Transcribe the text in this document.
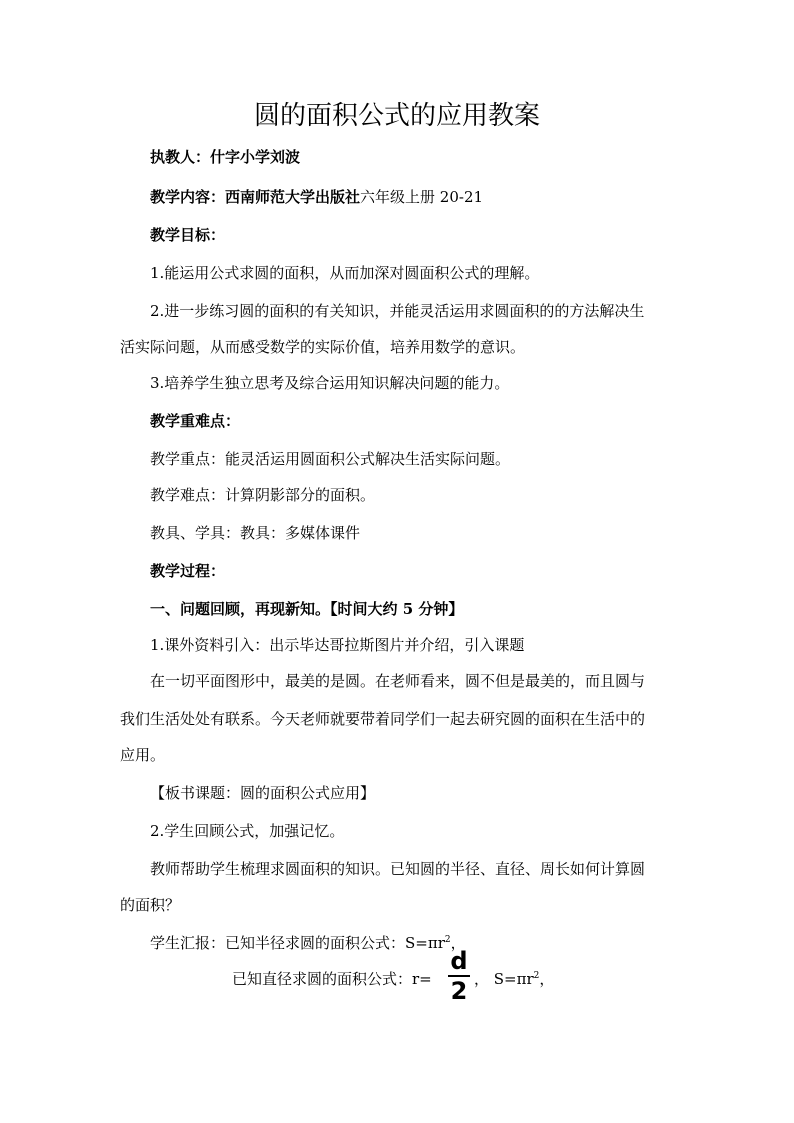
圆的面积公式的应用教案
执教人：什字小学刘波
教学内容：西南师范大学出版社六年级上册 20-21
教学目标：
1.能运用公式求圆的面积，从而加深对圆面积公式的理解。
2.进一步练习圆的面积的有关知识，并能灵活运用求圆面积的的方法解决生
活实际问题，从而感受数学的实际价值，培养用数学的意识。
3.培养学生独立思考及综合运用知识解决问题的能力。
教学重难点：
教学重点：能灵活运用圆面积公式解决生活实际问题。
教学难点：计算阴影部分的面积。
教具、学具：教具：多媒体课件
教学过程：
一、问题回顾，再现新知。【时间大约 5 分钟】
1.课外资料引入：出示毕达哥拉斯图片并介绍，引入课题
在一切平面图形中，最美的是圆。在老师看来，圆不但是最美的，而且圆与
我们生活处处有联系。今天老师就要带着同学们一起去研究圆的面积在生活中的
应用。
【板书课题：圆的面积公式应用】
2.学生回顾公式，加强记忆。
教师帮助学生梳理求圆面积的知识。已知圆的半径、直径、周长如何计算圆
的面积？
学生汇报：已知半径求圆的面积公式：$S=\pi r^2$，
已知直径求圆的面积公式：r=
d
2 ， $S=\pi r^2$，
